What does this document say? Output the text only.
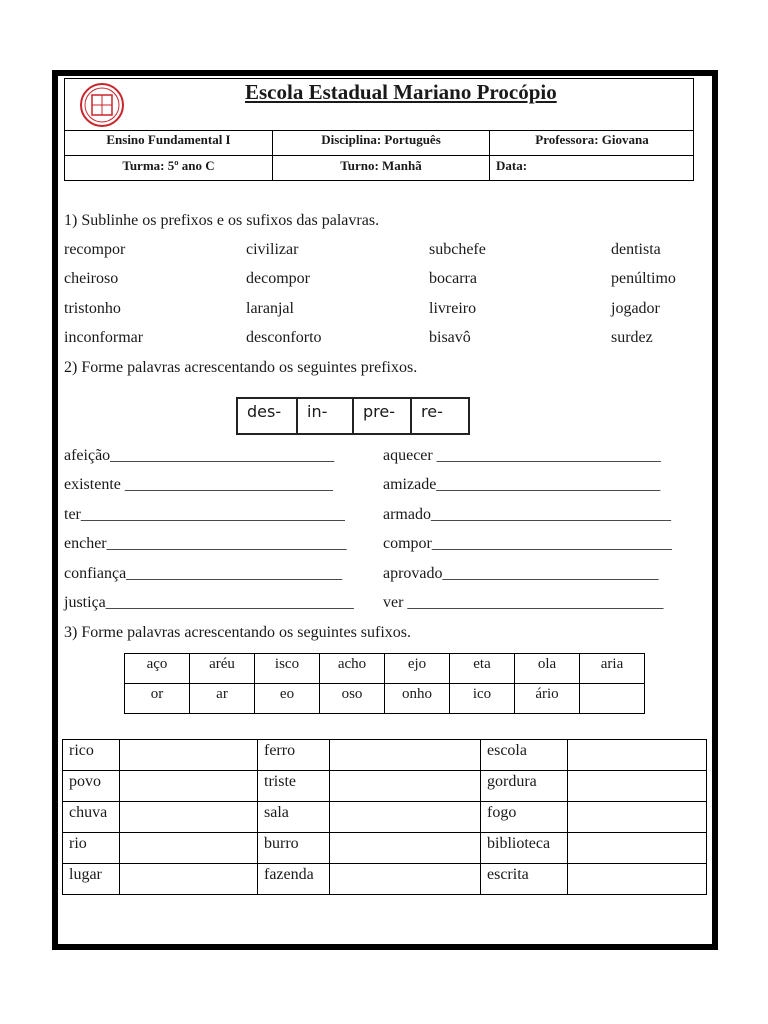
Escola Estadual Mariano Procópio
Ensino Fundamental I	Disciplina: Português	Professora: Giovana
Turma: 5º ano C	Turno: Manhã	Data:
1) Sublinhe os prefixos e os sufixos das palavras.
recompor	civilizar	subchefe	dentista
cheiroso	decompor	bocarra	penúltimo
tristonho	laranjal	livreiro	jogador
inconformar	desconforto	bisavô	surdez
2) Forme palavras acrescentando os seguintes prefixos.
des-	in-	pre-	re-
afeição____________________________	aquecer ____________________________
existente __________________________	amizade____________________________
ter_________________________________ armado______________________________
encher______________________________ compor______________________________
confiança___________________________	aprovado___________________________
justiça_______________________________ ver ________________________________
3) Forme palavras acrescentando os seguintes sufixos.
aço	aréu	isco	acho	ejo	eta	ola	aria
or	ar	eo	oso	onho	ico	ário	
rico		ferro		escola	
povo		triste		gordura	
chuva		sala		fogo	
rio		burro		biblioteca	
lugar		fazenda		escrita	
